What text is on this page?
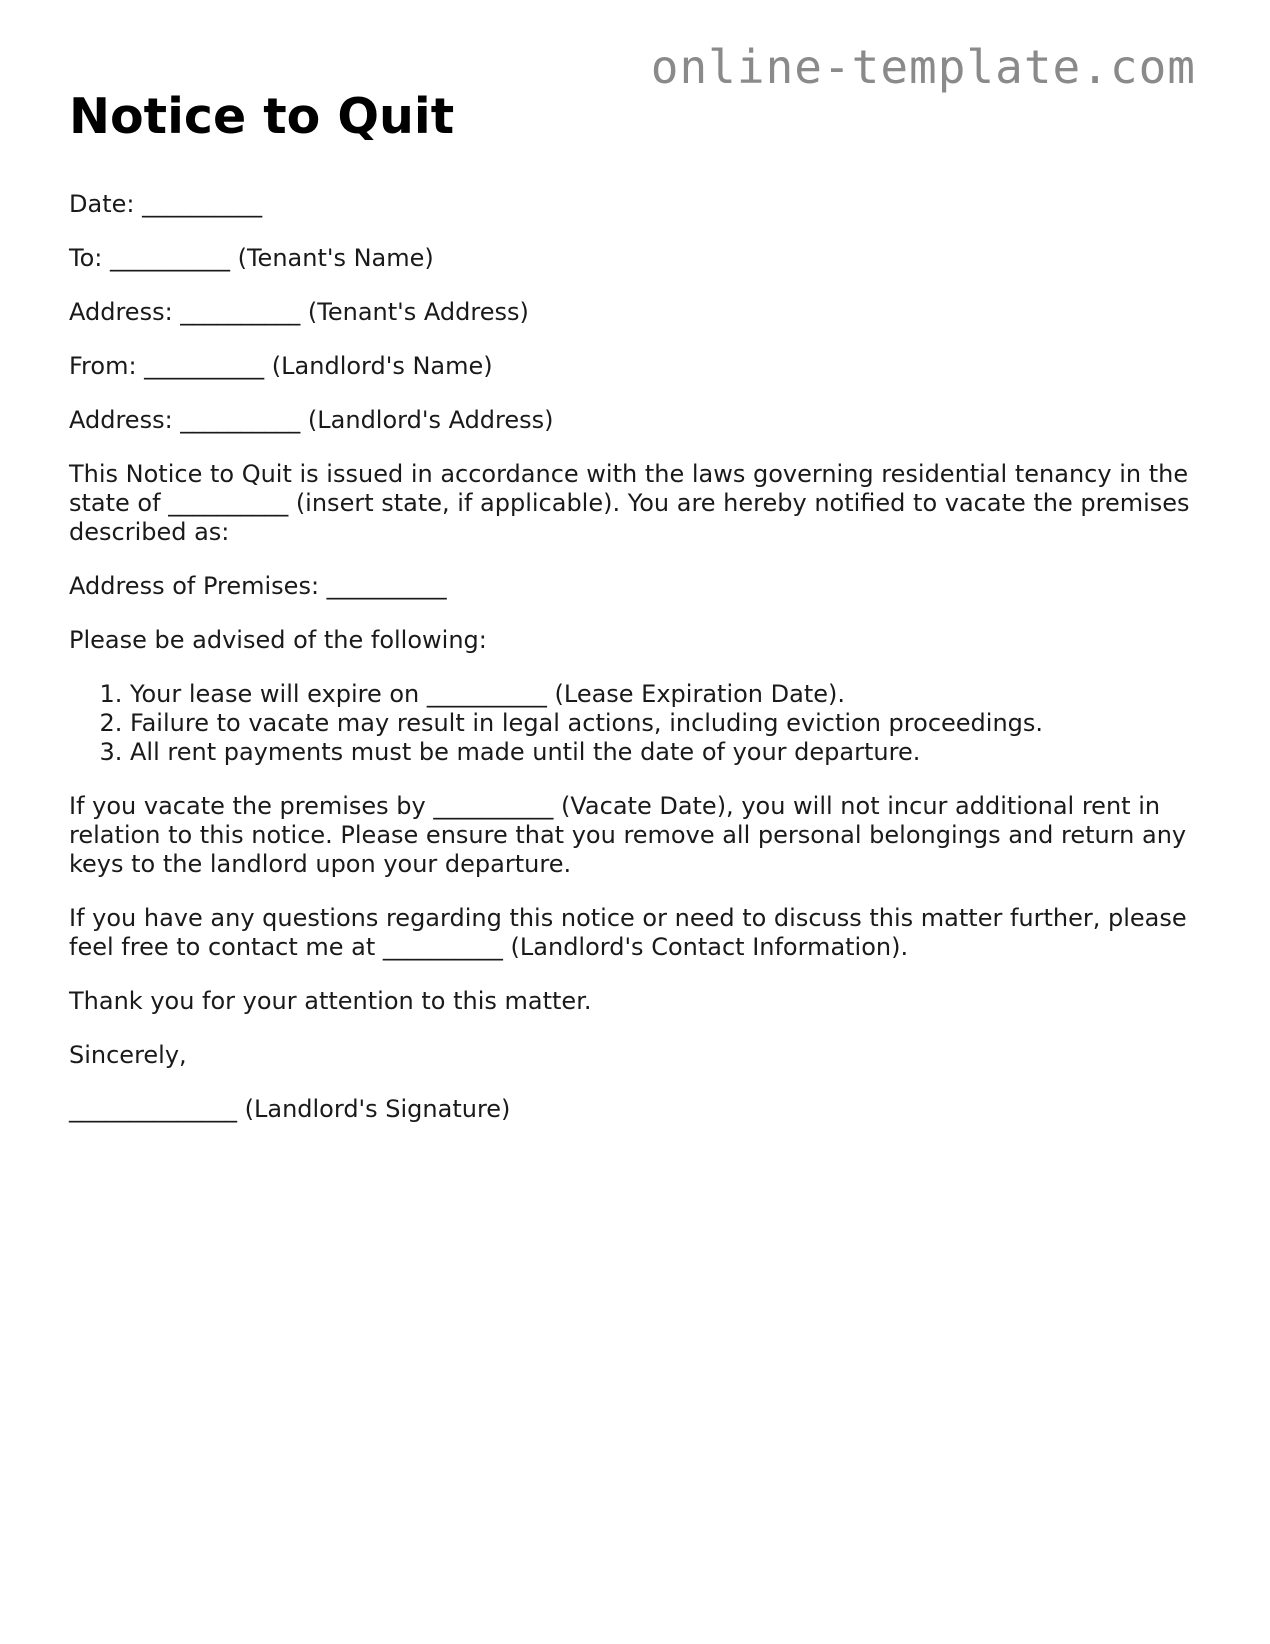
online-template.com
Notice to Quit

Date: __________

To: __________ (Tenant's Name)

Address: __________ (Tenant's Address)

From: __________ (Landlord's Name)

Address: __________ (Landlord's Address)

This Notice to Quit is issued in accordance with the laws governing residential tenancy in the state of __________ (insert state, if applicable). You are hereby notified to vacate the premises described as:

Address of Premises: __________

Please be advised of the following:

1. Your lease will expire on __________ (Lease Expiration Date).
2. Failure to vacate may result in legal actions, including eviction proceedings.
3. All rent payments must be made until the date of your departure.

If you vacate the premises by __________ (Vacate Date), you will not incur additional rent in relation to this notice. Please ensure that you remove all personal belongings and return any keys to the landlord upon your departure.

If you have any questions regarding this notice or need to discuss this matter further, please feel free to contact me at __________ (Landlord's Contact Information).

Thank you for your attention to this matter.

Sincerely,

______________ (Landlord's Signature)
